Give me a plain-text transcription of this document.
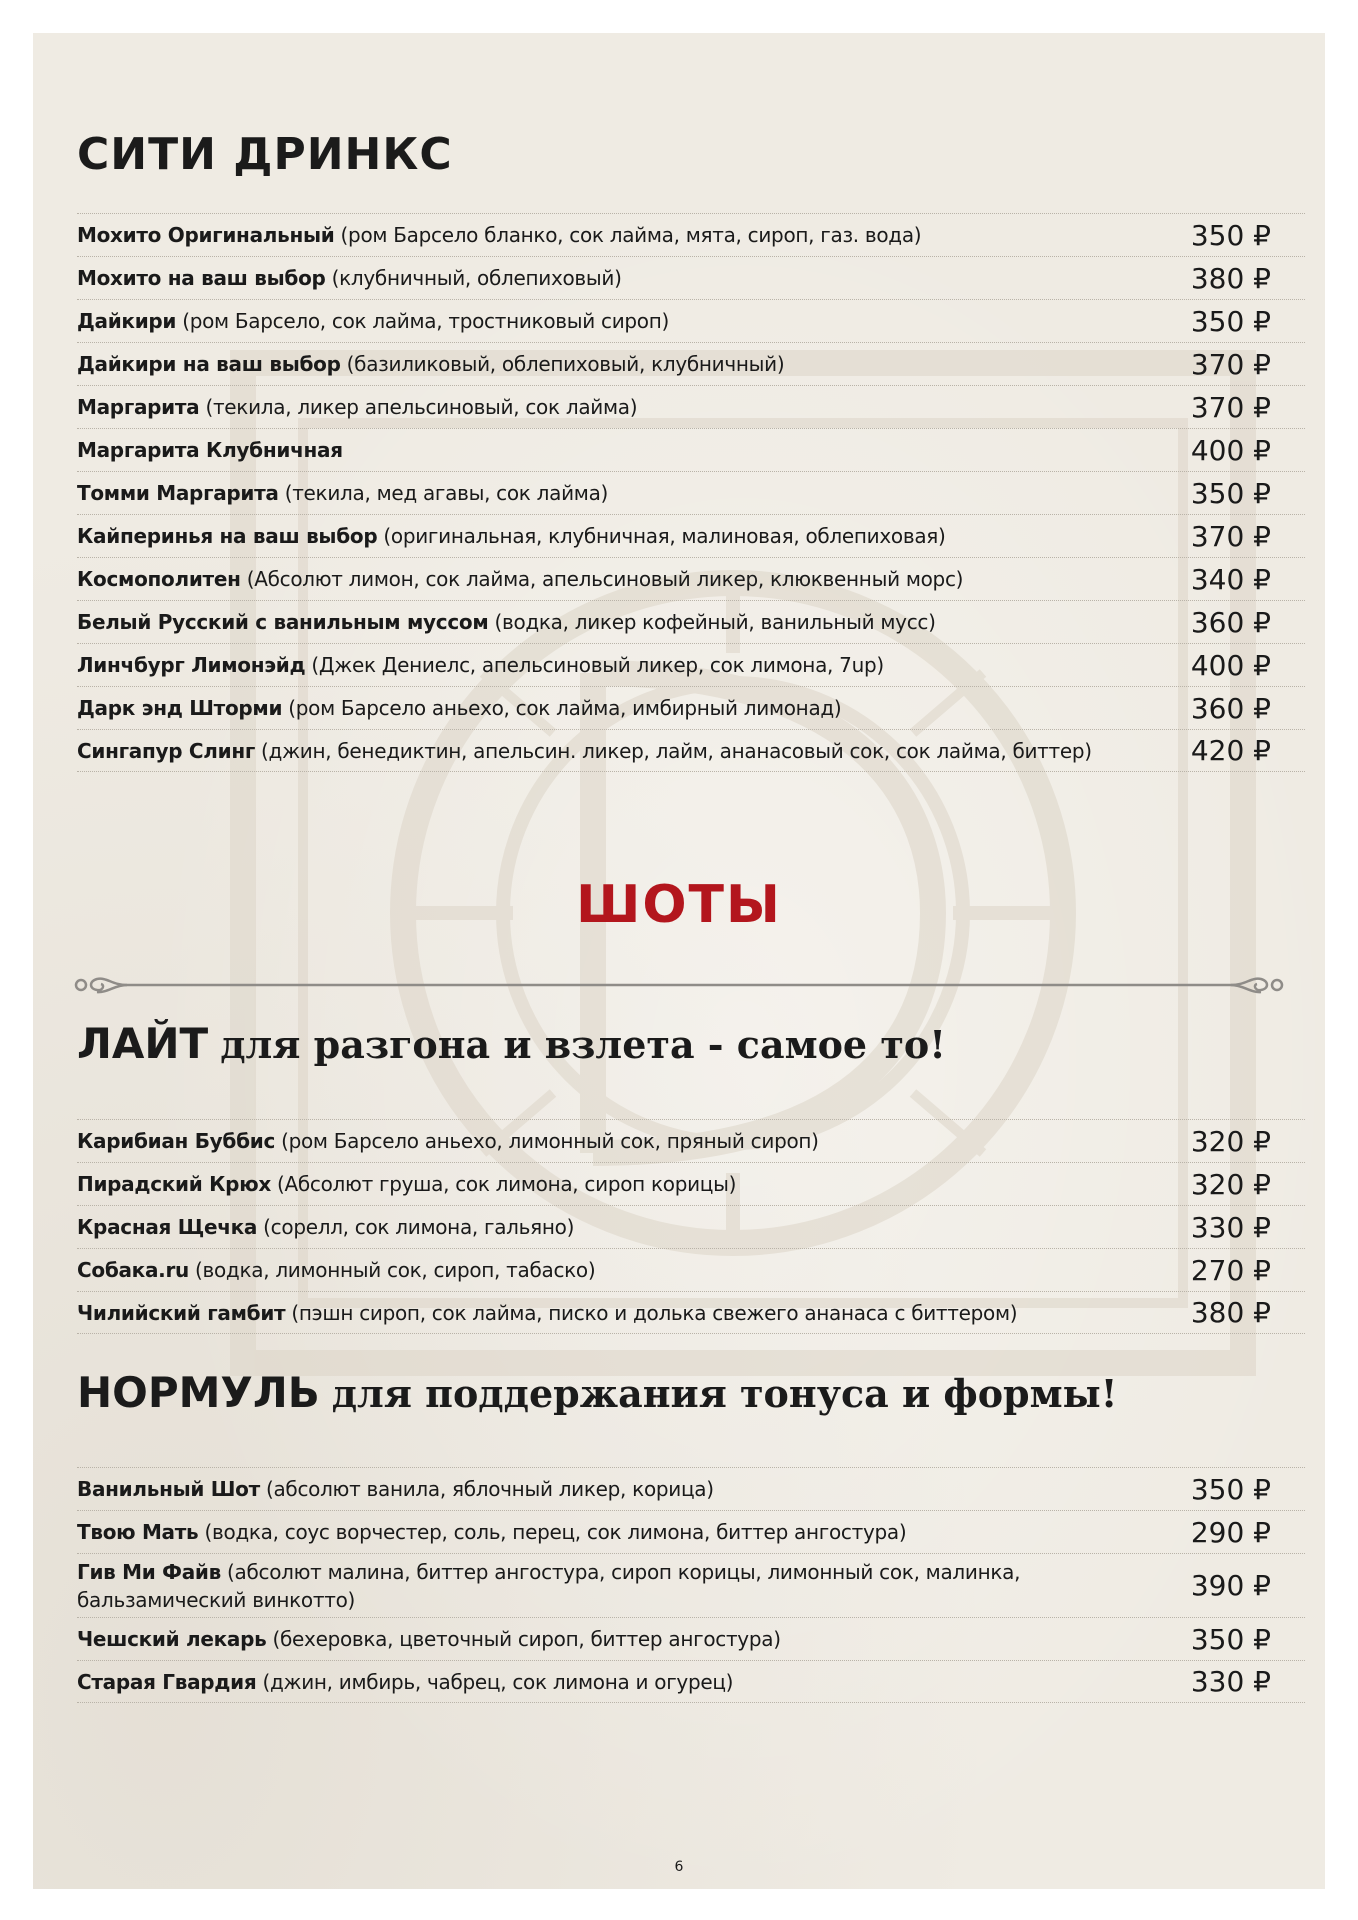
СИТИ ДРИНКС
Мохито Оригинальный (ром Барсело бланко, сок лайма, мята, сироп, газ. вода)	350 ₽
Мохито на ваш выбор (клубничный, облепиховый)	380 ₽
Дайкири (ром Барсело, сок лайма, тростниковый сироп)	350 ₽
Дайкири на ваш выбор (базиликовый, облепиховый, клубничный)	370 ₽
Маргарита (текила, ликер апельсиновый, сок лайма)	370 ₽
Маргарита Клубничная	400 ₽
Томми Маргарита (текила, мед агавы, сок лайма)	350 ₽
Кайперинья на ваш выбор (оригинальная, клубничная, малиновая, облепиховая)	370 ₽
Космополитен (Абсолют лимон, сок лайма, апельсиновый ликер, клюквенный морс)	340 ₽
Белый Русский с ванильным муссом (водка, ликер кофейный, ванильный мусс)	360 ₽
Линчбург Лимонэйд (Джек Дениелс, апельсиновый ликер, сок лимона, 7up)	400 ₽
Дарк энд Шторми (ром Барсело аньехо, сок лайма, имбирный лимонад)	360 ₽
Сингапур Слинг (джин, бенедиктин, апельсин. ликер, лайм, ананасовый сок, сок лайма, биттер)	420 ₽
ШОТЫ
ЛАЙТ для разгона и взлета - самое то!
Карибиан Буббис (ром Барсело аньехо, лимонный сок, пряный сироп)	320 ₽
Пирадский Крюх (Абсолют груша, сок лимона, сироп корицы)	320 ₽
Красная Щечка (сорелл, сок лимона, гальяно)	330 ₽
Собака.ru (водка, лимонный сок, сироп, табаско)	270 ₽
Чилийский гамбит (пэшн сироп, сок лайма, писко и долька свежего ананаса с биттером)	380 ₽
НОРМУЛЬ для поддержания тонуса и формы!
Ванильный Шот (абсолют ванила, яблочный ликер, корица)	350 ₽
Твою Мать (водка, соус ворчестер, соль, перец, сок лимона, биттер ангостура)	290 ₽
Гив Ми Файв (абсолют малина, биттер ангостура, сироп корицы, лимонный сок, малинка, бальзамический винкотто)	390 ₽
Чешский лекарь (бехеровка, цветочный сироп, биттер ангостура)	350 ₽
Старая Гвардия (джин, имбирь, чабрец, сок лимона и огурец)	330 ₽
6
